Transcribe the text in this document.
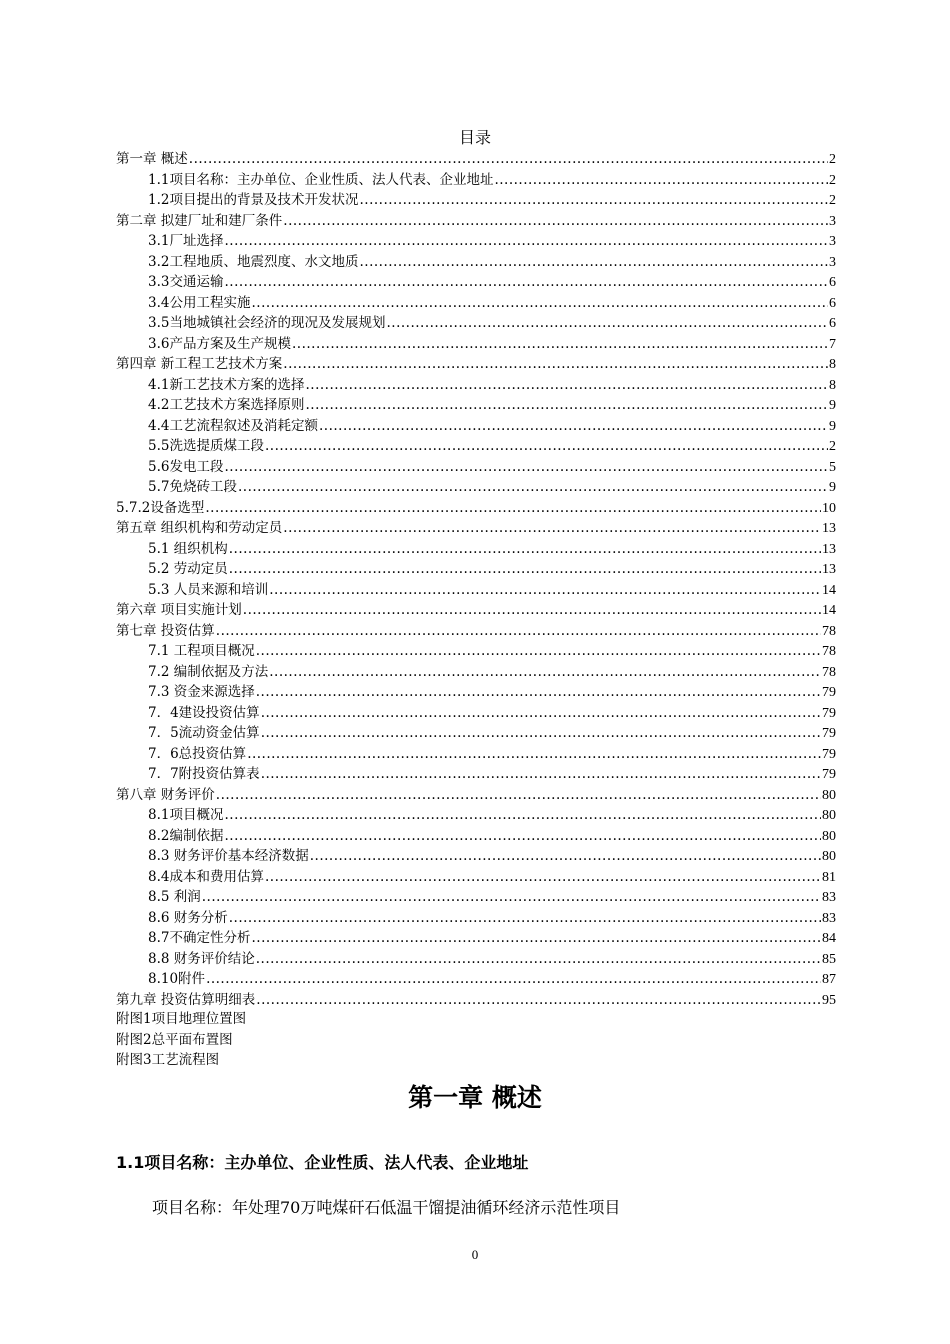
目录
第一章 概述 .....	2
1.1项目名称：主办单位、企业性质、法人代表、企业地址 .....	2
1.2项目提出的背景及技术开发状况 .....	2
第二章 拟建厂址和建厂条件 .....	3
3.1厂址选择 .....	3
3.2工程地质、地震烈度、水文地质 .....	3
3.3交通运输 .....	6
3.4公用工程实施 .....	6
3.5当地城镇社会经济的现况及发展规划 .....	6
3.6产品方案及生产规模 .....	7
第四章 新工程工艺技术方案 .....	8
4.1新工艺技术方案的选择 .....	8
4.2工艺技术方案选择原则 .....	9
4.4工艺流程叙述及消耗定额 .....	9
5.5洗选提质煤工段 .....	2
5.6发电工段 .....	5
5.7免烧砖工段 .....	9
5.7.2设备选型 .....	10
第五章 组织机构和劳动定员 .....	13
5.1 组织机构 .....	13
5.2 劳动定员 .....	13
5.3 人员来源和培训 .....	14
第六章 项目实施计划 .....	14
第七章 投资估算 .....	78
7.1 工程项目概况 .....	78
7.2 编制依据及方法 .....	78
7.3 资金来源选择 .....	79
7．4建设投资估算 .....	79
7．5流动资金估算 .....	79
7．6总投资估算 .....	79
7．7附投资估算表 .....	79
第八章 财务评价 .....	80
8.1项目概况 .....	80
8.2编制依据 .....	80
8.3 财务评价基本经济数据 .....	80
8.4成本和费用估算 .....	81
8.5 利润 .....	83
8.6 财务分析 .....	83
8.7不确定性分析 .....	84
8.8 财务评价结论 .....	85
8.10附件 .....	87
第九章 投资估算明细表 .....	95
附图1项目地理位置图
附图2总平面布置图
附图3工艺流程图
第一章 概述
1.1项目名称：主办单位、企业性质、法人代表、企业地址
项目名称：年处理70万吨煤矸石低温干馏提油循环经济示范性项目
0
